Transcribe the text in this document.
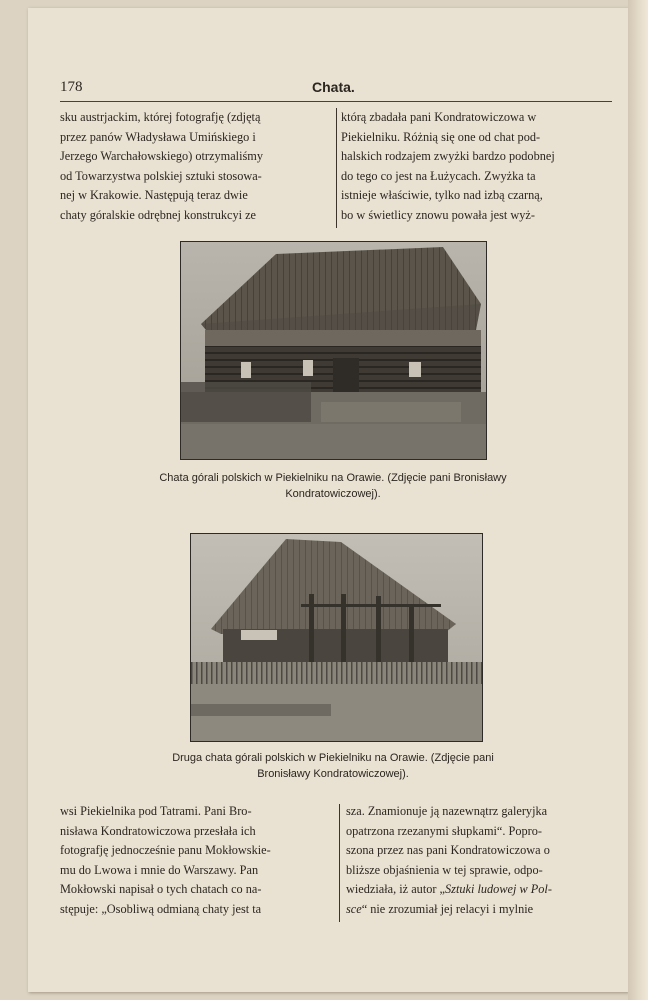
178	Chata.

sku austrjackim, której fotografję (zdjętą

przez panów Władysława Umińskiego i

Jerzego Warchałowskiego) otrzymaliśmy

od Towarzystwa polskiej sztuki stosowa-

nej w Krakowie. Następują teraz dwie

chaty góralskie odrębnej konstrukcyi ze

którą zbadała pani Kondratowiczowa w

Piekielniku. Różnią się one od chat pod-

halskich rodzajem zwyżki bardzo podobnej

do tego co jest na Łużycach. Zwyżka ta

istnieje właściwie, tylko nad izbą czarną,

bo w świetlicy znowu powała jest wyż-

Chata górali polskich w Piekielniku na Orawie. (Zdjęcie pani Bronisławy
Kondratowiczowej).
Druga chata górali polskich w Piekielniku na Orawie. (Zdjęcie pani
Bronisławy Kondratowiczowej).

wsi Piekielnika pod Tatrami. Pani Bro-

nisława Kondratowiczowa przesłała ich

fotografję jednocześnie panu Mokłowskie-

mu do Lwowa i mnie do Warszawy. Pan

Mokłowski napisał o tych chatach co na-

stępuje: „Osobliwą odmianą chaty jest ta

sza. Znamionuje ją nazewnątrz galeryjka

opatrzona rzezanymi słupkami“. Popro-

szona przez nas pani Kondratowiczowa o

bliższe objaśnienia w tej sprawie, odpo-

wiedziała, iż autor „Sztuki ludowej w Pol-

sce“ nie zrozumiał jej relacyi i mylnie
